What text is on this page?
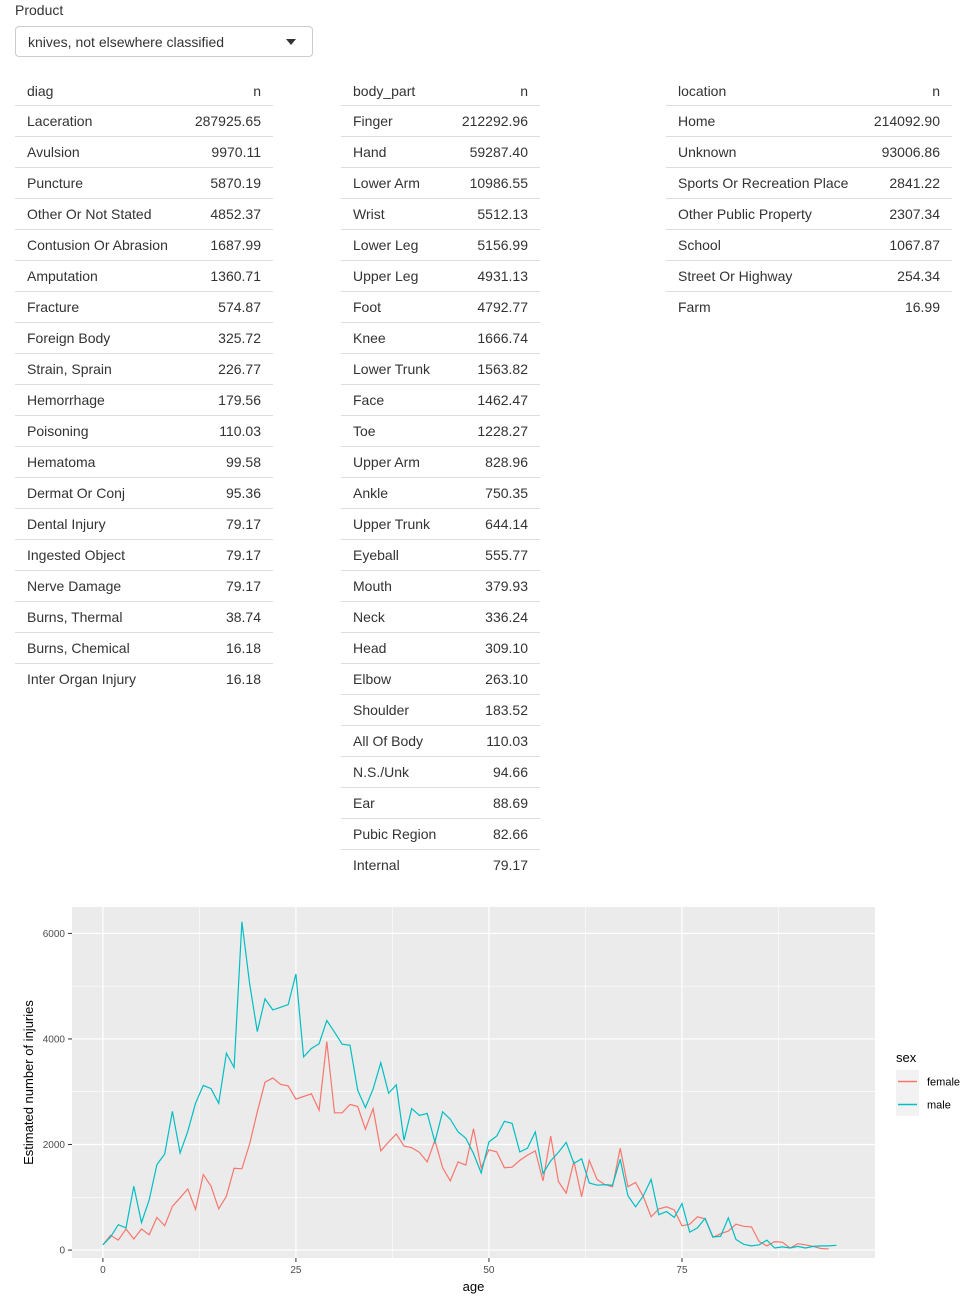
Product
knives, not elsewhere classified
diag	n
Laceration	287925.65
Avulsion	9970.11
Puncture	5870.19
Other Or Not Stated	4852.37
Contusion Or Abrasion	1687.99
Amputation	1360.71
Fracture	574.87
Foreign Body	325.72
Strain, Sprain	226.77
Hemorrhage	179.56
Poisoning	110.03
Hematoma	99.58
Dermat Or Conj	95.36
Dental Injury	79.17
Ingested Object	79.17
Nerve Damage	79.17
Burns, Thermal	38.74
Burns, Chemical	16.18
Inter Organ Injury	16.18
body_part	n
Finger	212292.96
Hand	59287.40
Lower Arm	10986.55
Wrist	5512.13
Lower Leg	5156.99
Upper Leg	4931.13
Foot	4792.77
Knee	1666.74
Lower Trunk	1563.82
Face	1462.47
Toe	1228.27
Upper Arm	828.96
Ankle	750.35
Upper Trunk	644.14
Eyeball	555.77
Mouth	379.93
Neck	336.24
Head	309.10
Elbow	263.10
Shoulder	183.52
All Of Body	110.03
N.S./Unk	94.66
Ear	88.69
Pubic Region	82.66
Internal	79.17
location	n
Home	214092.90
Unknown	93006.86
Sports Or Recreation Place	2841.22
Other Public Property	2307.34
School	1067.87
Street Or Highway	254.34
Farm	16.99
0	25	50	75
0
2000
4000
6000
age
Estimated number of injuries	sex
female
male
